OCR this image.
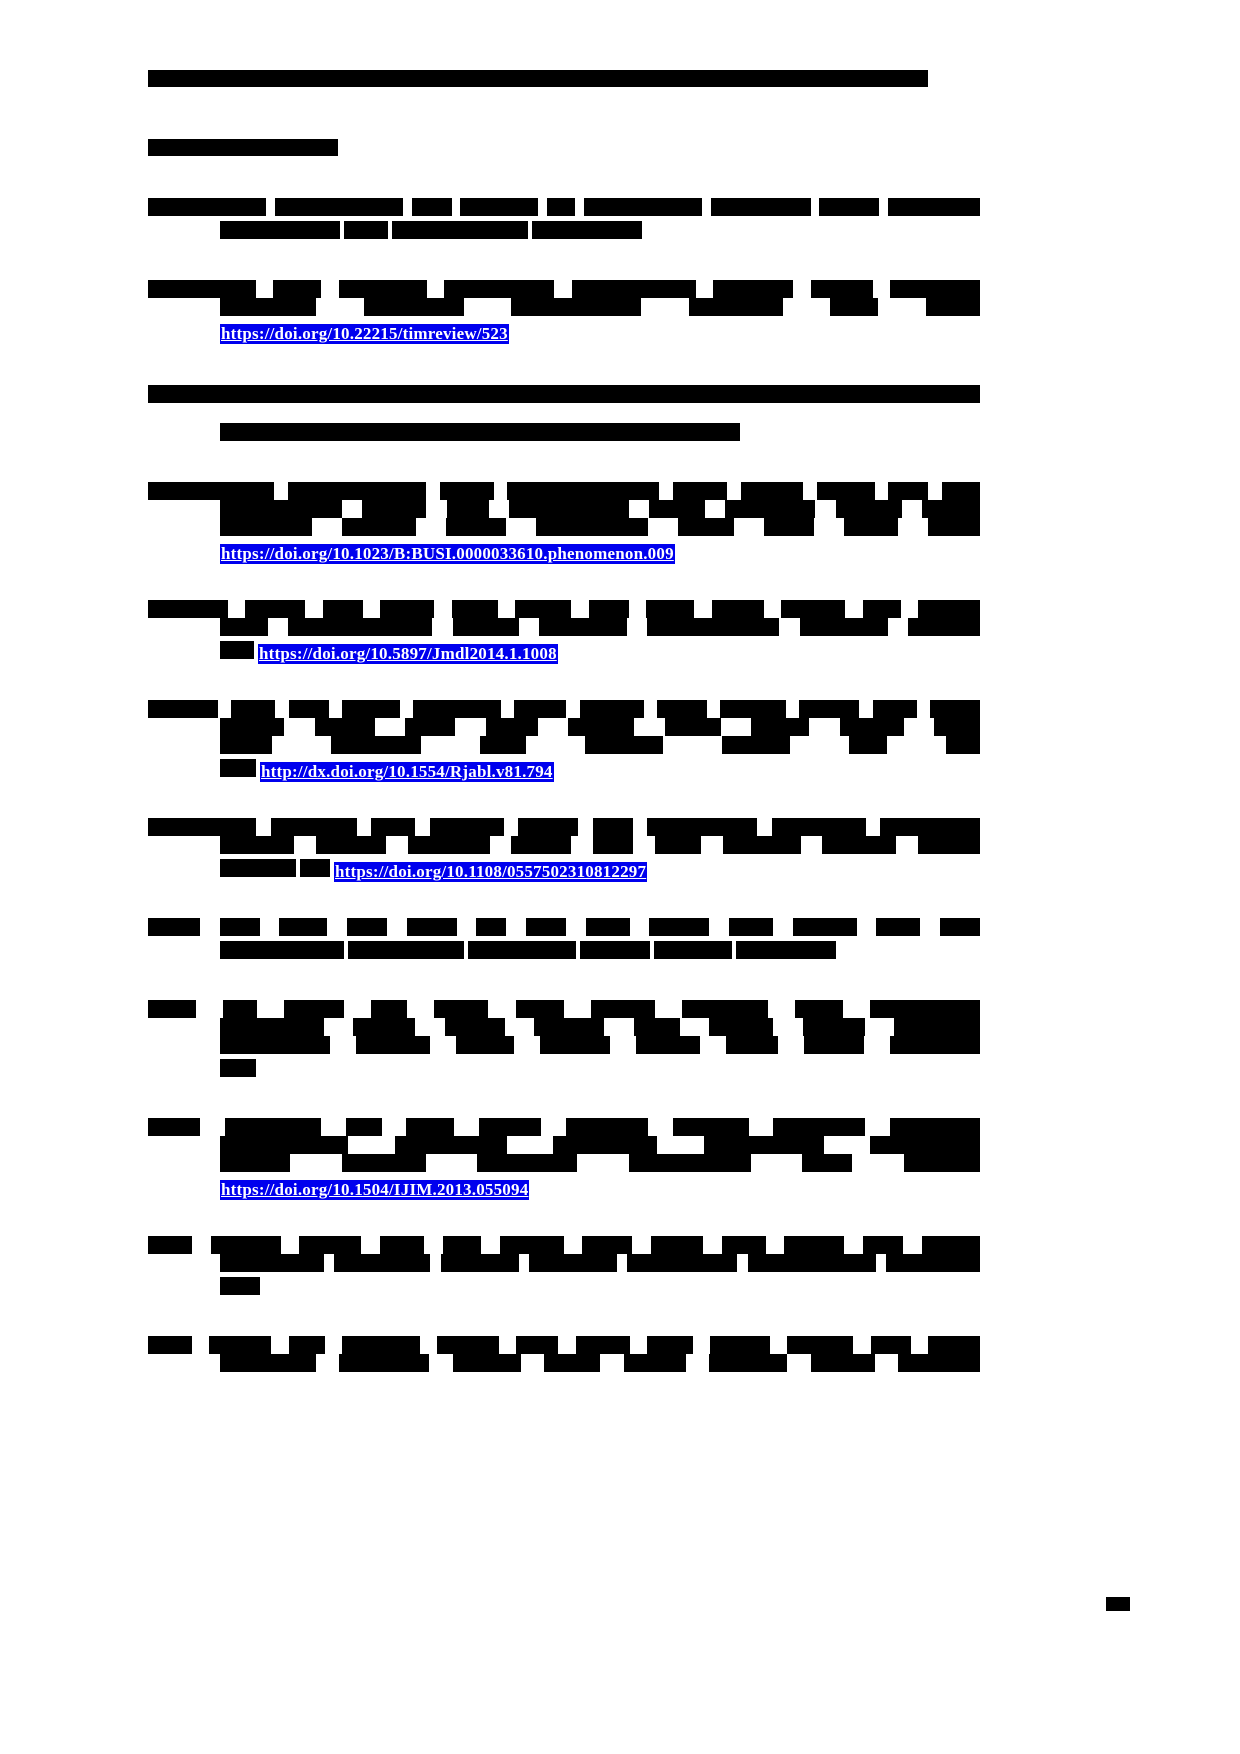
https://doi.org/10.22215/timreview/523
https://doi.org/10.1023/B:BUSI.0000033610.phenomenon.009
https://doi.org/10.5897/Jmdl2014.1.1008
http://dx.doi.org/10.1554/Rjabl.v81.794
https://doi.org/10.1108/0557502310812297

https://doi.org/10.1504/IJIM.2013.055094
